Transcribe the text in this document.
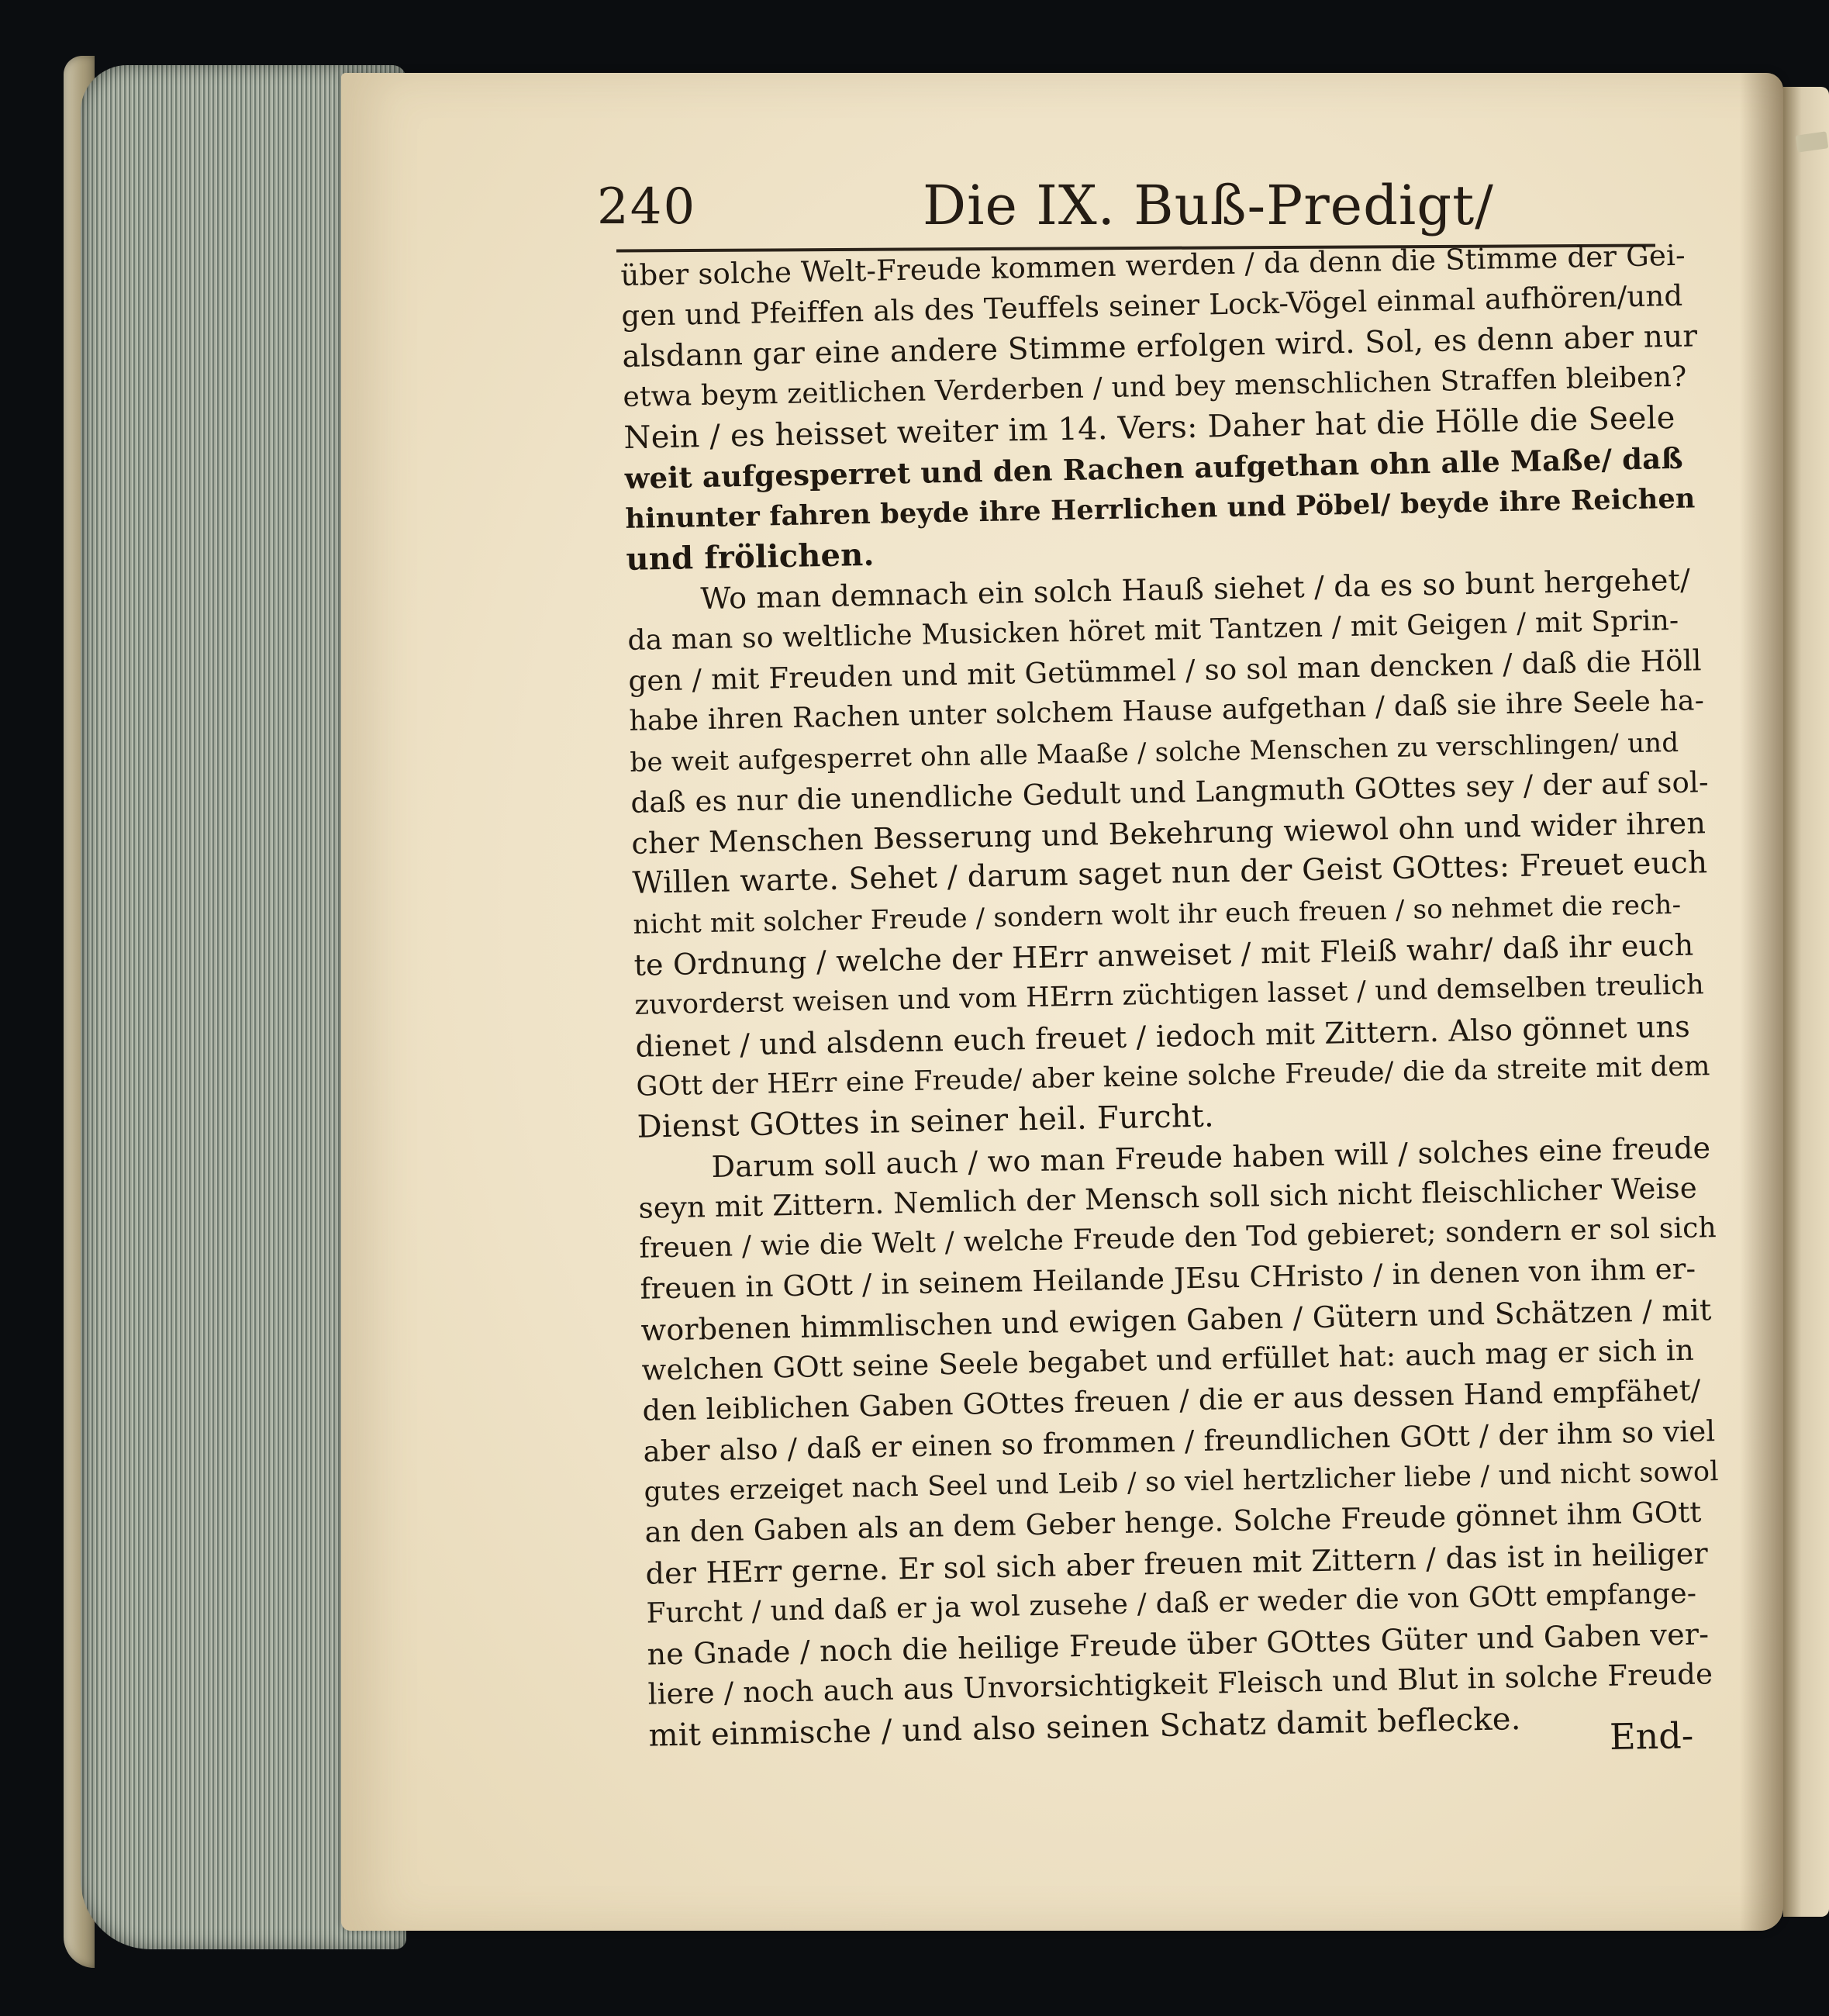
240	Die IX. Buß-Predigt/
über solche Welt-Freude kommen werden / da denn die Stimme der Gei-
gen und Pfeiffen als des Teuffels seiner Lock-Vögel einmal aufhören/und
alsdann gar eine andere Stimme erfolgen wird. Sol, es denn aber nur
etwa beym zeitlichen Verderben / und bey menschlichen Straffen bleiben?
Nein / es heisset weiter im 14. Vers: Daher hat die Hölle die Seele
weit aufgesperret und den Rachen aufgethan ohn alle Maße/ daß
hinunter fahren beyde ihre Herrlichen und Pöbel/ beyde ihre Reichen
und frölichen.
Wo man demnach ein solch Hauß siehet / da es so bunt hergehet/
da man so weltliche Musicken höret mit Tantzen / mit Geigen / mit Sprin-
gen / mit Freuden und mit Getümmel / so sol man dencken / daß die Höll
habe ihren Rachen unter solchem Hause aufgethan / daß sie ihre Seele ha-
be weit aufgesperret ohn alle Maaße / solche Menschen zu verschlingen/ und
daß es nur die unendliche Gedult und Langmuth GOttes sey / der auf sol-
cher Menschen Besserung und Bekehrung wiewol ohn und wider ihren
Willen warte. Sehet / darum saget nun der Geist GOttes: Freuet euch
nicht mit solcher Freude / sondern wolt ihr euch freuen / so nehmet die rech-
te Ordnung / welche der HErr anweiset / mit Fleiß wahr/ daß ihr euch
zuvorderst weisen und vom HErrn züchtigen lasset / und demselben treulich
dienet / und alsdenn euch freuet / iedoch mit Zittern. Also gönnet uns
GOtt der HErr eine Freude/ aber keine solche Freude/ die da streite mit dem
Dienst GOttes in seiner heil. Furcht.
Darum soll auch / wo man Freude haben will / solches eine freude
seyn mit Zittern. Nemlich der Mensch soll sich nicht fleischlicher Weise
freuen / wie die Welt / welche Freude den Tod gebieret; sondern er sol sich
freuen in GOtt / in seinem Heilande JEsu CHristo / in denen von ihm er-
worbenen himmlischen und ewigen Gaben / Gütern und Schätzen / mit
welchen GOtt seine Seele begabet und erfüllet hat: auch mag er sich in
den leiblichen Gaben GOttes freuen / die er aus dessen Hand empfähet/
aber also / daß er einen so frommen / freundlichen GOtt / der ihm so viel
gutes erzeiget nach Seel und Leib / so viel hertzlicher liebe / und nicht sowol
an den Gaben als an dem Geber henge. Solche Freude gönnet ihm GOtt
der HErr gerne. Er sol sich aber freuen mit Zittern / das ist in heiliger
Furcht / und daß er ja wol zusehe / daß er weder die von GOtt empfange-
ne Gnade / noch die heilige Freude über GOttes Güter und Gaben ver-
liere / noch auch aus Unvorsichtigkeit Fleisch und Blut in solche Freude
mit einmische / und also seinen Schatz damit beflecke.	End-
